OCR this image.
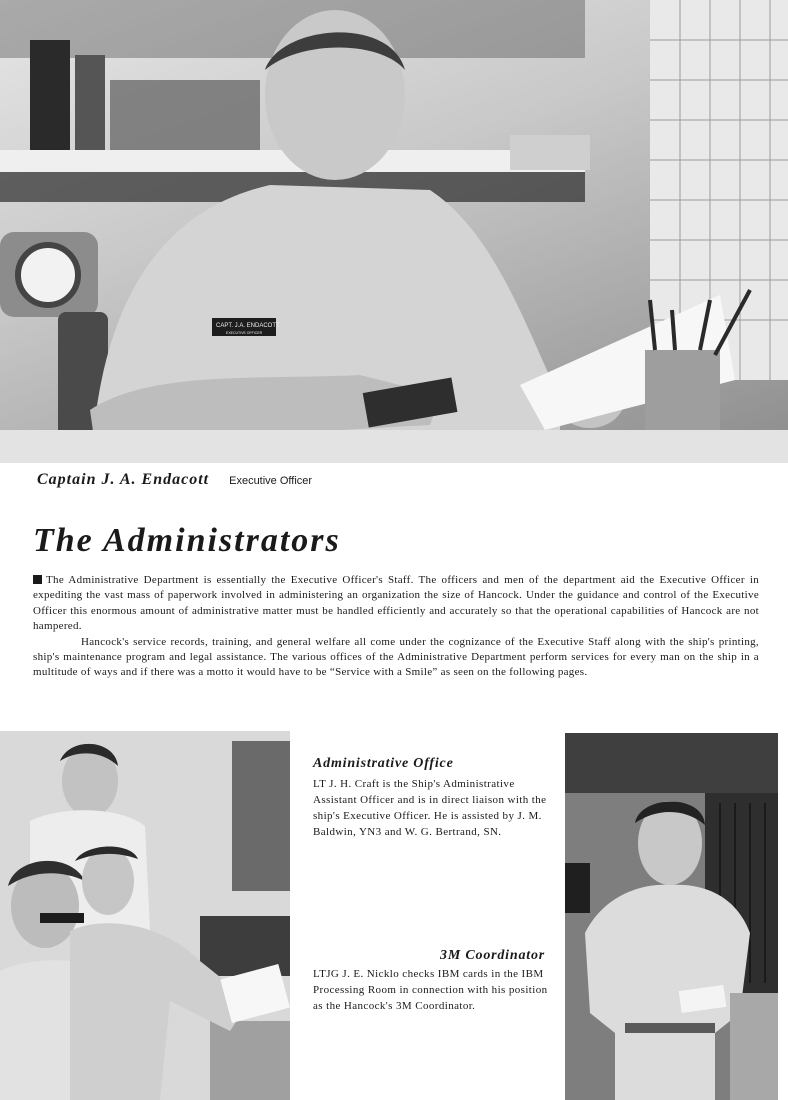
CAPT. J.A. ENDACOTT
EXECUTIVE OFFICER
Captain J. A. Endacott Executive Officer
The Administrators

The Administrative Department is essentially the Executive Officer's Staff. The officers and men of the department aid the Executive Officer in expediting the vast mass of paperwork involved in administering an organization the size of Hancock. Under the guidance and control of the Executive Officer this enormous amount of administrative matter must be handled efficiently and accurately so that the operational capabilities of Hancock are not hampered.

Hancock's service records, training, and general welfare all come under the cognizance of the Executive Staff along with the ship's printing, ship's maintenance program and legal assistance. The various offices of the Administrative Department perform services for every man on the ship in a multitude of ways and if there was a motto it would have to be “Service with a Smile” as seen on the following pages.

Administrative Office
LT J. H. Craft is the Ship's Administrative Assistant Officer and is in direct liaison with the ship's Executive Officer. He is assisted by J. M. Baldwin, YN3 and W. G. Bertrand, SN.
3M Coordinator
LTJG J. E. Nicklo checks IBM cards in the IBM Processing Room in connection with his position as the Hancock's 3M Coordinator.
